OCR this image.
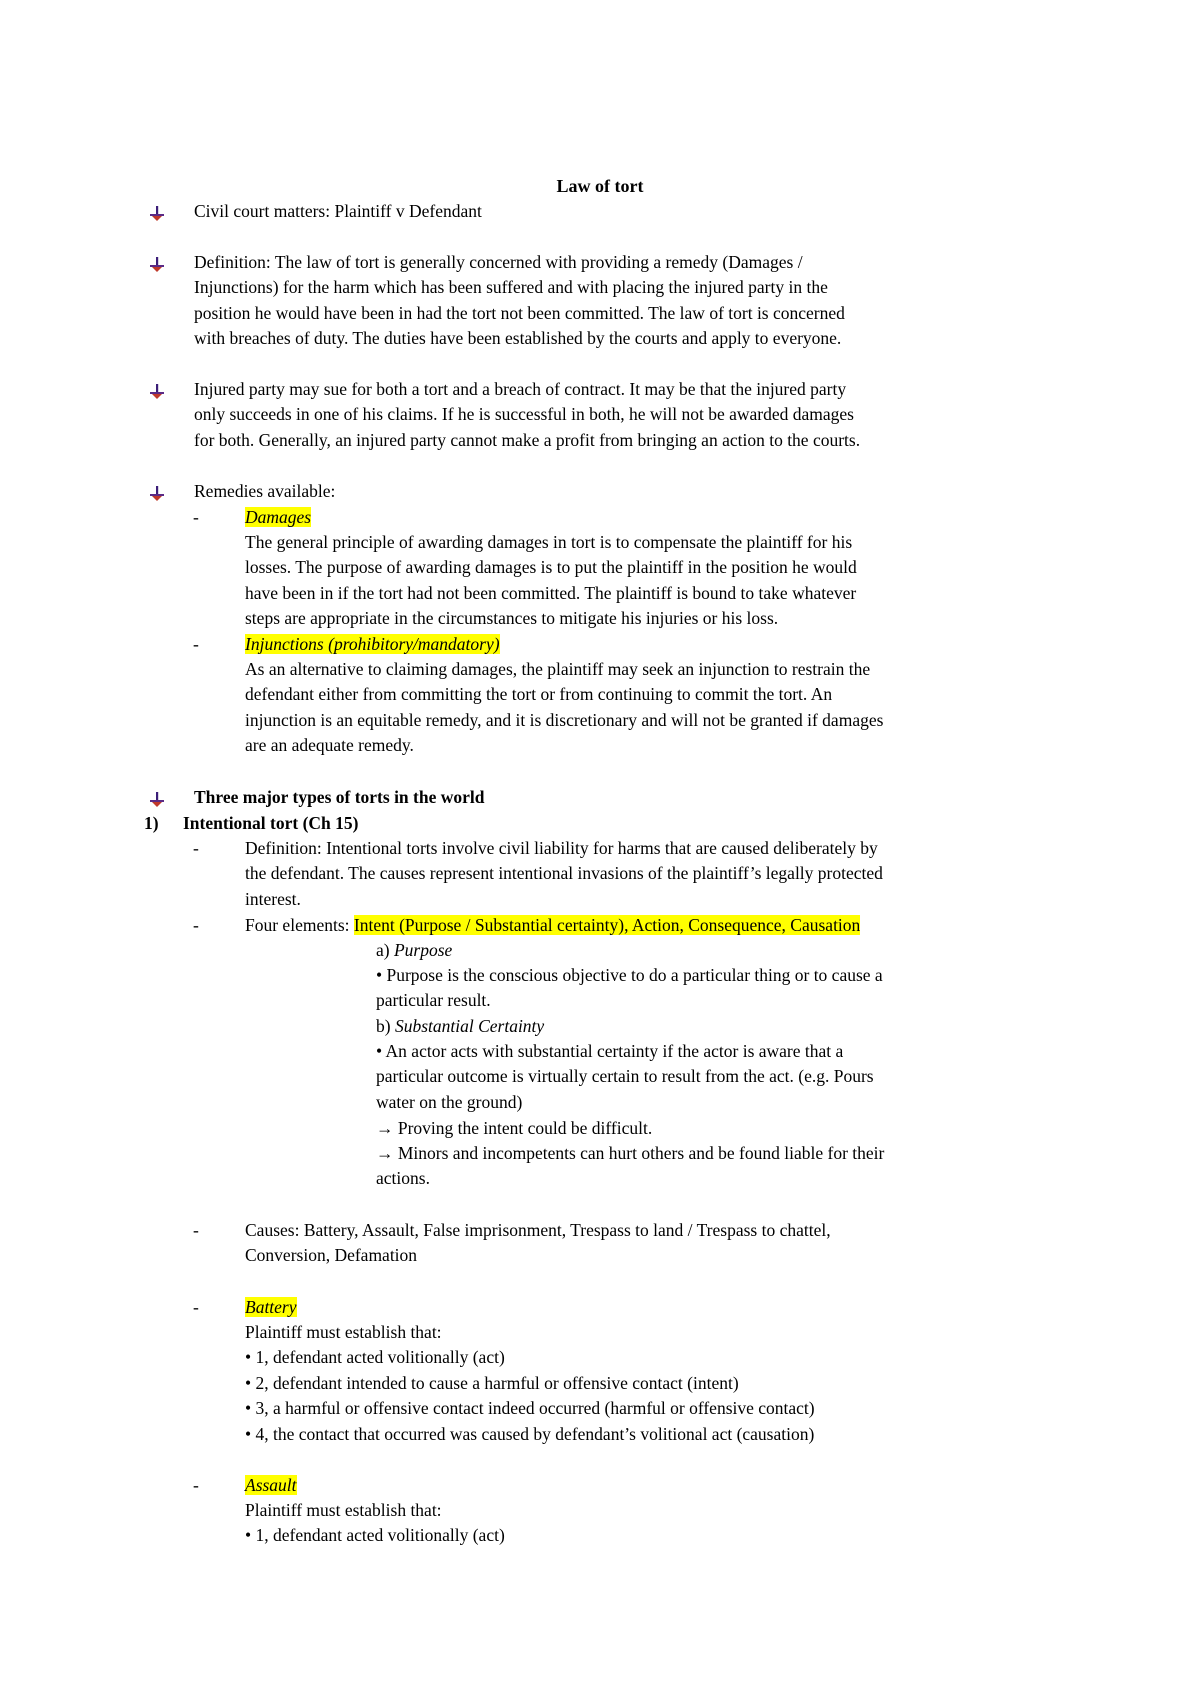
Law of tort
Civil court matters: Plaintiff v Defendant
Definition: The law of tort is generally concerned with providing a remedy (Damages /
Injunctions) for the harm which has been suffered and with placing the injured party in the
position he would have been in had the tort not been committed. The law of tort is concerned
with breaches of duty. The duties have been established by the courts and apply to everyone.
Injured party may sue for both a tort and a breach of contract. It may be that the injured party
only succeeds in one of his claims. If he is successful in both, he will not be awarded damages
for both. Generally, an injured party cannot make a profit from bringing an action to the courts.
Remedies available:
-	Damages
The general principle of awarding damages in tort is to compensate the plaintiff for his
losses. The purpose of awarding damages is to put the plaintiff in the position he would
have been in if the tort had not been committed. The plaintiff is bound to take whatever
steps are appropriate in the circumstances to mitigate his injuries or his loss.
-	Injunctions (prohibitory/mandatory)
As an alternative to claiming damages, the plaintiff may seek an injunction to restrain the
defendant either from committing the tort or from continuing to commit the tort. An
injunction is an equitable remedy, and it is discretionary and will not be granted if damages
are an adequate remedy.
Three major types of torts in the world
1) Intentional tort (Ch 15)
-	Definition: Intentional torts involve civil liability for harms that are caused deliberately by
the defendant. The causes represent intentional invasions of the plaintiff’s legally protected
interest.
-	Four elements: Intent (Purpose / Substantial certainty), Action, Consequence, Causation
a) Purpose
• Purpose is the conscious objective to do a particular thing or to cause a
particular result.
b) Substantial Certainty
• An actor acts with substantial certainty if the actor is aware that a
particular outcome is virtually certain to result from the act. (e.g. Pours
water on the ground)
→ Proving the intent could be difficult.
→ Minors and incompetents can hurt others and be found liable for their
actions.
-	Causes: Battery, Assault, False imprisonment, Trespass to land / Trespass to chattel,
Conversion, Defamation
-	Battery
Plaintiff must establish that:
• 1, defendant acted volitionally (act)
• 2, defendant intended to cause a harmful or offensive contact (intent)
• 3, a harmful or offensive contact indeed occurred (harmful or offensive contact)
• 4, the contact that occurred was caused by defendant’s volitional act (causation)
-	Assault
Plaintiff must establish that:
• 1, defendant acted volitionally (act)
